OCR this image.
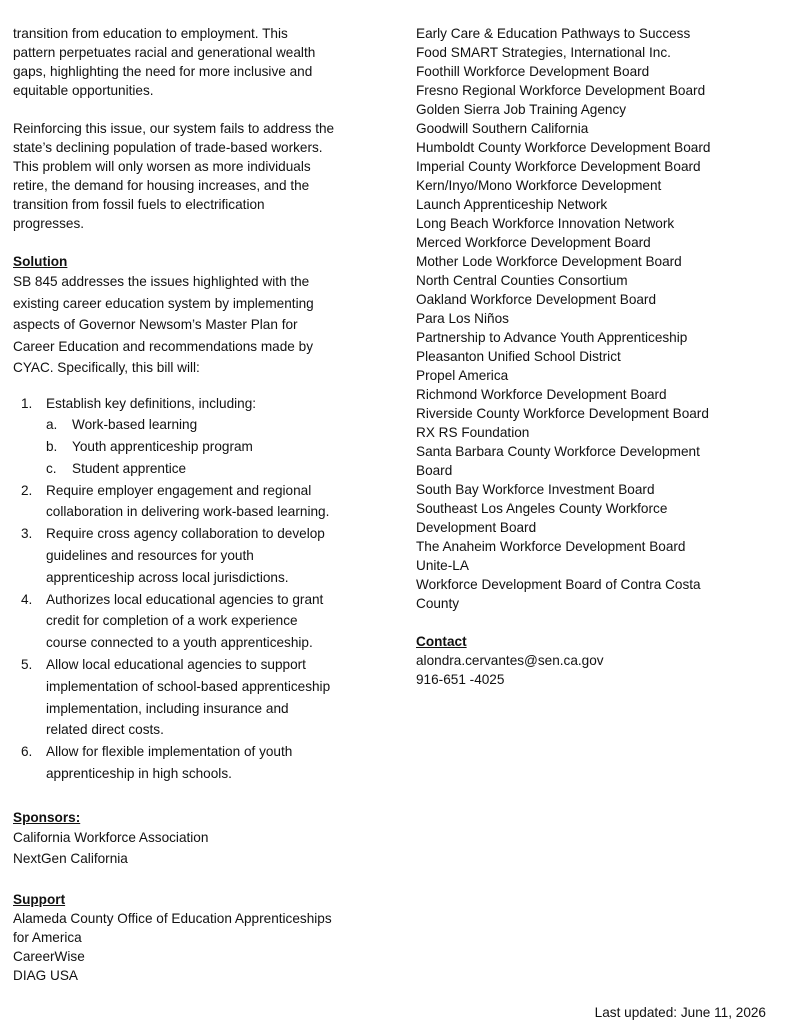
transition from education to employment. This
pattern perpetuates racial and generational wealth
gaps, highlighting the need for more inclusive and
equitable opportunities.
Reinforcing this issue, our system fails to address the
state’s declining population of trade-based workers.
This problem will only worsen as more individuals
retire, the demand for housing increases, and the
transition from fossil fuels to electrification
progresses.
Solution
SB 845 addresses the issues highlighted with the
existing career education system by implementing
aspects of Governor Newsom’s Master Plan for
Career Education and recommendations made by
CYAC. Specifically, this bill will:
1. Establish key definitions, including:
a. Work-based learning
b. Youth apprenticeship program
c. Student apprentice
2. Require employer engagement and regional
collaboration in delivering work-based learning.
3. Require cross agency collaboration to develop
guidelines and resources for youth
apprenticeship across local jurisdictions.
4. Authorizes local educational agencies to grant
credit for completion of a work experience
course connected to a youth apprenticeship.
5. Allow local educational agencies to support
implementation of school-based apprenticeship
implementation, including insurance and
related direct costs.
6. Allow for flexible implementation of youth
apprenticeship in high schools.
Sponsors:
California Workforce Association
NextGen California
Support
Alameda County Office of Education Apprenticeships
for America
CareerWise
DIAG USA
Early Care & Education Pathways to Success
Food SMART Strategies, International Inc.
Foothill Workforce Development Board
Fresno Regional Workforce Development Board
Golden Sierra Job Training Agency
Goodwill Southern California
Humboldt County Workforce Development Board
Imperial County Workforce Development Board
Kern/Inyo/Mono Workforce Development
Launch Apprenticeship Network
Long Beach Workforce Innovation Network
Merced Workforce Development Board
Mother Lode Workforce Development Board
North Central Counties Consortium
Oakland Workforce Development Board
Para Los Niños
Partnership to Advance Youth Apprenticeship
Pleasanton Unified School District
Propel America
Richmond Workforce Development Board
Riverside County Workforce Development Board
RX RS Foundation
Santa Barbara County Workforce Development
Board
South Bay Workforce Investment Board
Southeast Los Angeles County Workforce
Development Board
The Anaheim Workforce Development Board
Unite-LA
Workforce Development Board of Contra Costa
County
Contact
alondra.cervantes@sen.ca.gov
916-651 -4025
Last updated: June 11, 2026
